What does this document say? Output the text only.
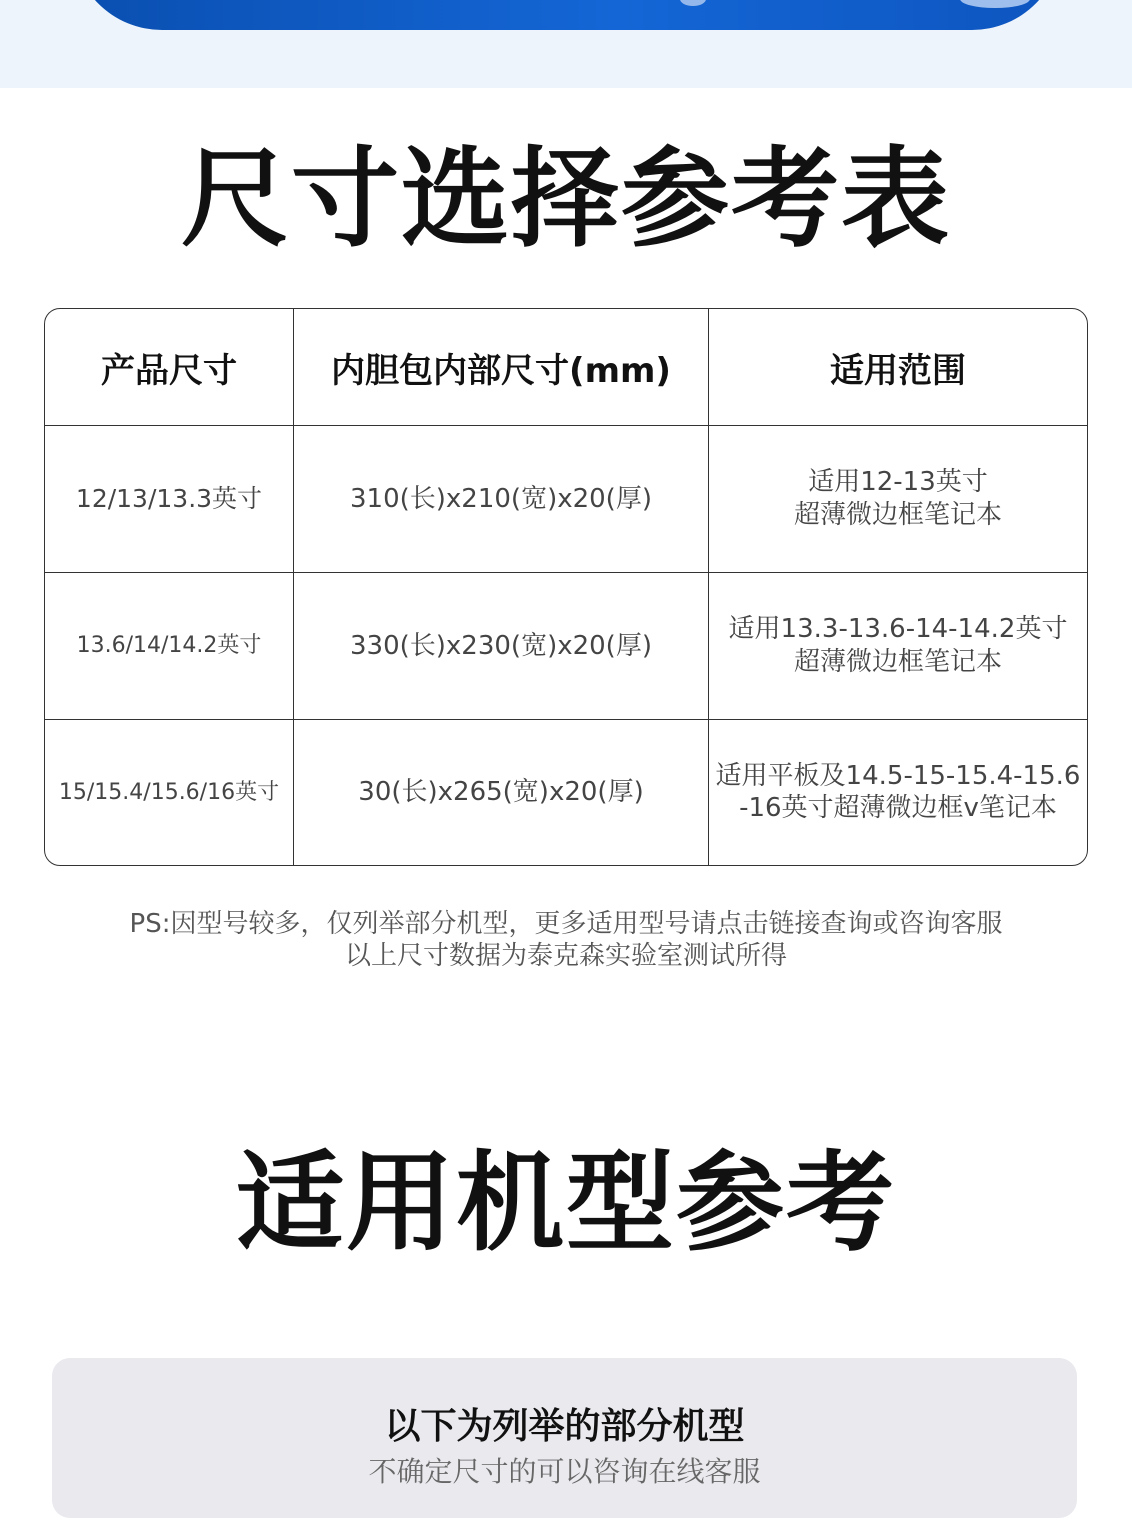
尺寸选择参考表
产品尺寸	内胆包内部尺寸(mm)	适用范围
12/13/13.3英寸	310(长)x210(宽)x20(厚)	适用12-13英寸
超薄微边框笔记本

13.6/14/14.2英寸	330(长)x230(宽)x20(厚)	适用13.3-13.6-14-14.2英寸
超薄微边框笔记本

15/15.4/15.6/16英寸	30(长)x265(宽)x20(厚)	适用平板及14.5-15-15.4-15.6
-16英寸超薄微边框v笔记本
PS:因型号较多，仅列举部分机型，更多适用型号请点击链接查询或咨询客服
以上尺寸数据为泰克森实验室测试所得
适用机型参考
以下为列举的部分机型
不确定尺寸的可以咨询在线客服
